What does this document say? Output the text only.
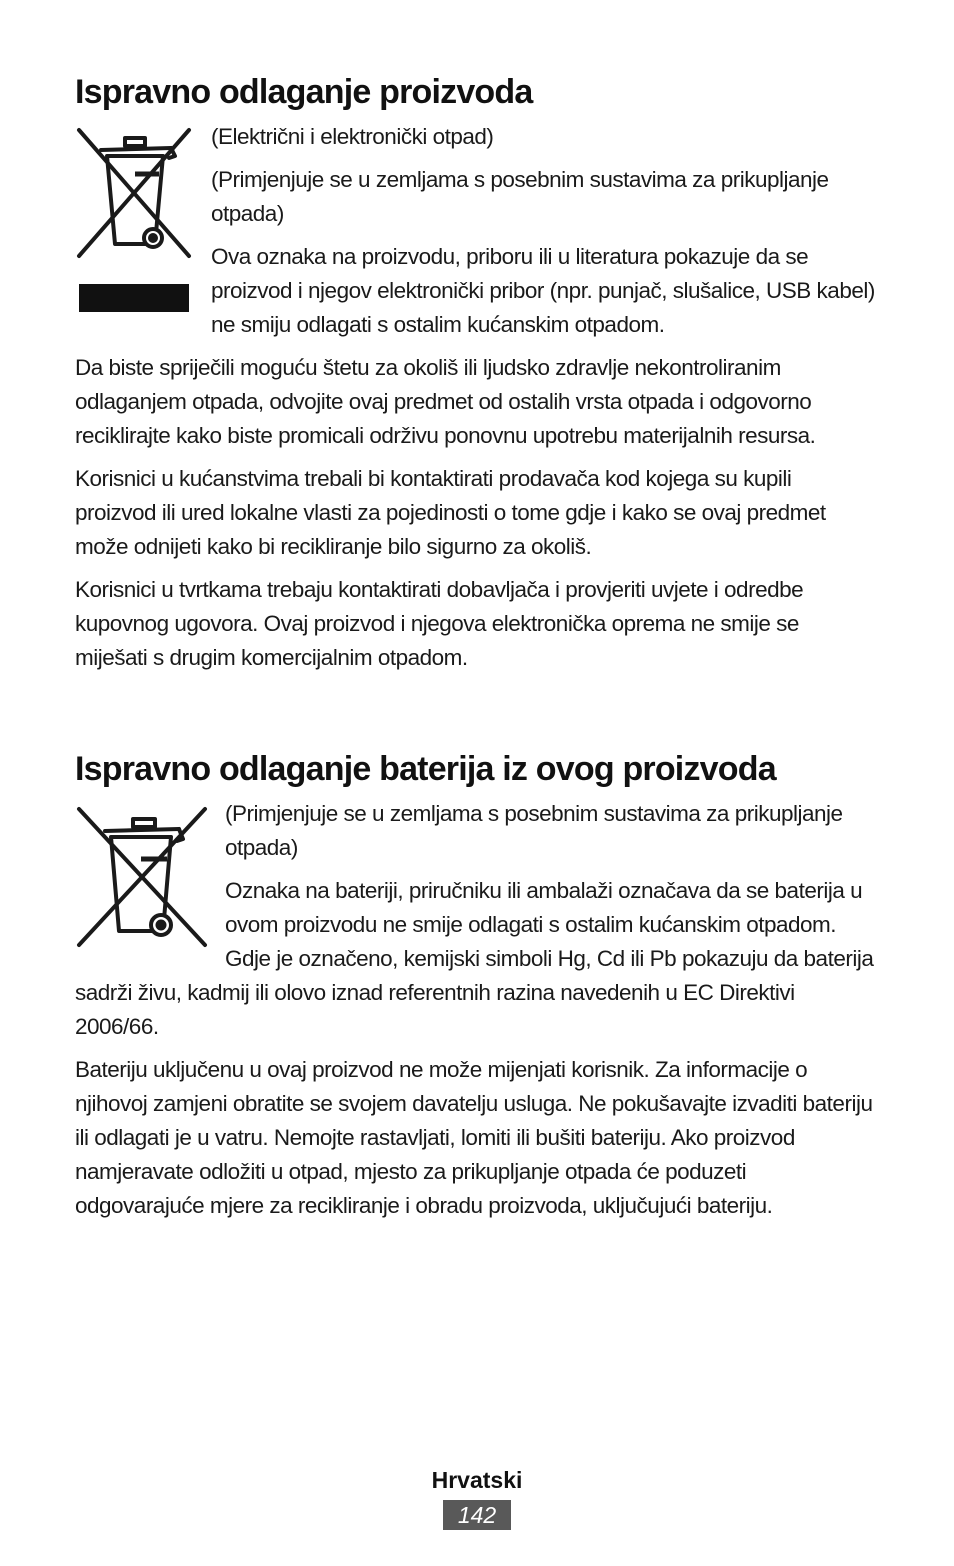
Ispravno odlaganje proizvoda

(Električni i elektronički otpad)

(Primjenjuje se u zemljama s posebnim sustavima za prikupljanje otpada)

Ova oznaka na proizvodu, priboru ili u literatura pokazuje da se proizvod i njegov elektronički pribor (npr. punjač, slušalice, USB kabel) ne smiju odlagati s ostalim kućanskim otpadom.

Da biste spriječili moguću štetu za okoliš ili ljudsko zdravlje nekontroliranim odlaganjem otpada, odvojite ovaj predmet od ostalih vrsta otpada i odgovorno reciklirajte kako biste promicali održivu ponovnu upotrebu materijalnih resursa.

Korisnici u kućanstvima trebali bi kontaktirati prodavača kod kojega su kupili proizvod ili ured lokalne vlasti za pojedinosti o tome gdje i kako se ovaj predmet može odnijeti kako bi recikliranje bilo sigurno za okoliš.

Korisnici u tvrtkama trebaju kontaktirati dobavljača i provjeriti uvjete i odredbe kupovnog ugovora. Ovaj proizvod i njegova elektronička oprema ne smije se miješati s drugim komercijalnim otpadom.

Ispravno odlaganje baterija iz ovog proizvoda

(Primjenjuje se u zemljama s posebnim sustavima za prikupljanje otpada)

Oznaka na bateriji, priručniku ili ambalaži označava da se baterija u ovom proizvodu ne smije odlagati s ostalim kućanskim otpadom. Gdje je označeno, kemijski simboli Hg, Cd ili Pb pokazuju da baterija sadrži živu, kadmij ili olovo iznad referentnih razina navedenih u EC Direktivi 2006/66.

Bateriju uključenu u ovaj proizvod ne može mijenjati korisnik. Za informacije o njihovoj zamjeni obratite se svojem davatelju usluga. Ne pokušavajte izvaditi bateriju ili odlagati je u vatru. Nemojte rastavljati, lomiti ili bušiti bateriju. Ako proizvod namjeravate odložiti u otpad, mjesto za prikupljanje otpada će poduzeti odgovarajuće mjere za recikliranje i obradu proizvoda, uključujući bateriju.

Hrvatski
142
